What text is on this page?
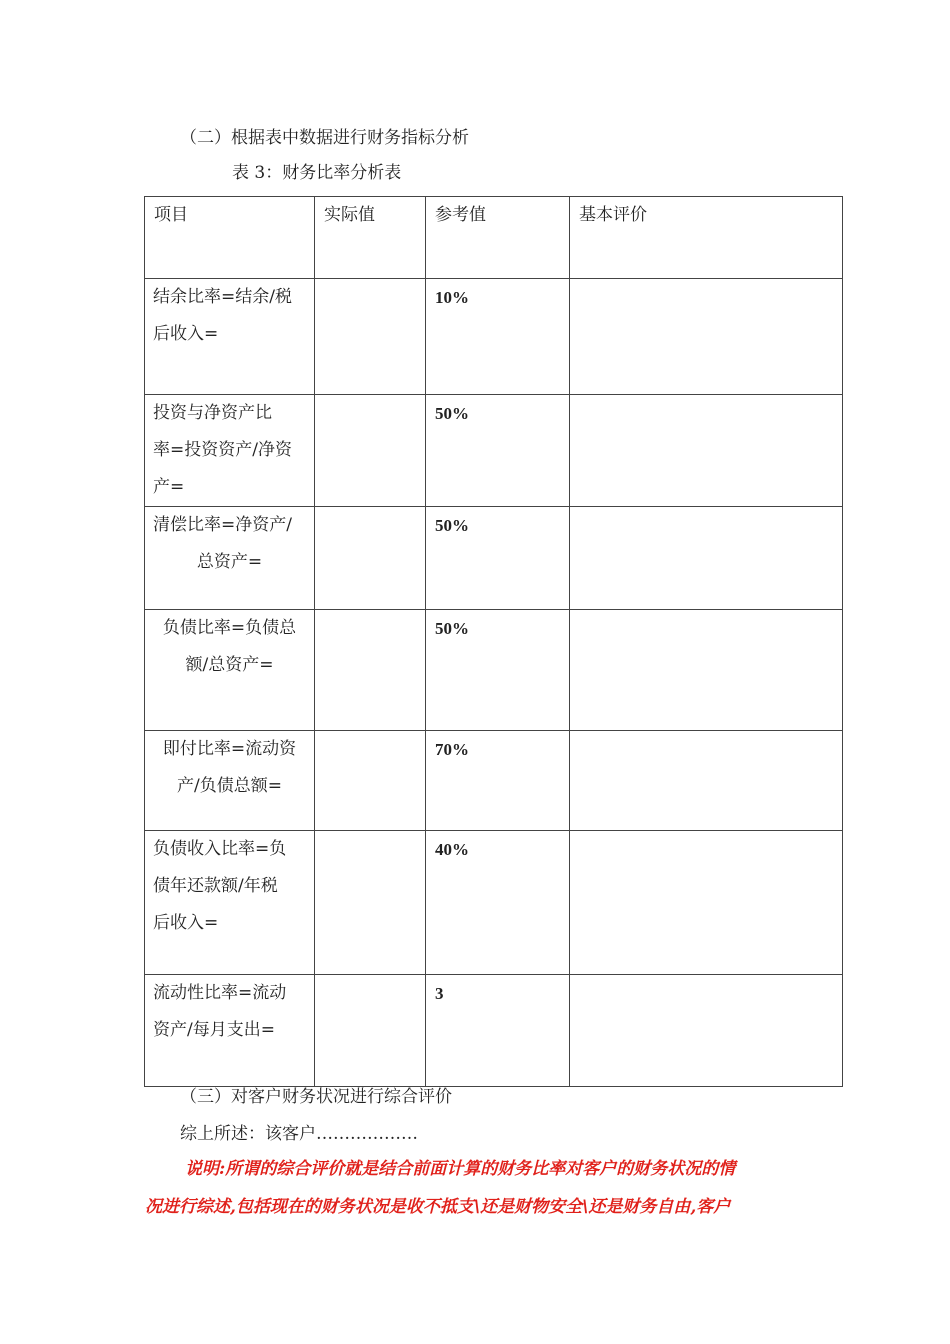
（二）根据表中数据进行财务指标分析
表 3：财务比率分析表
项目	实际值	参考值	基本评价

结余比率=结余/税
后收入=		10%	

投资与净资产比
率=投资资产/净资
产=		50%	

清偿比率=净资产/
总资产=		50%	

负债比率=负债总
额/总资产=		50%	

即付比率=流动资
产/负债总额=		70%	

负债收入比率=负
债年还款额/年税
后收入=		40%	

流动性比率=流动
资产/每月支出=		3	
（三）对客户财务状况进行综合评价
综上所述：该客户………………
说明:所谓的综合评价就是结合前面计算的财务比率对客户的财务状况的情
况进行综述,包括现在的财务状况是收不抵支\还是财物安全\还是财务自由,客户
